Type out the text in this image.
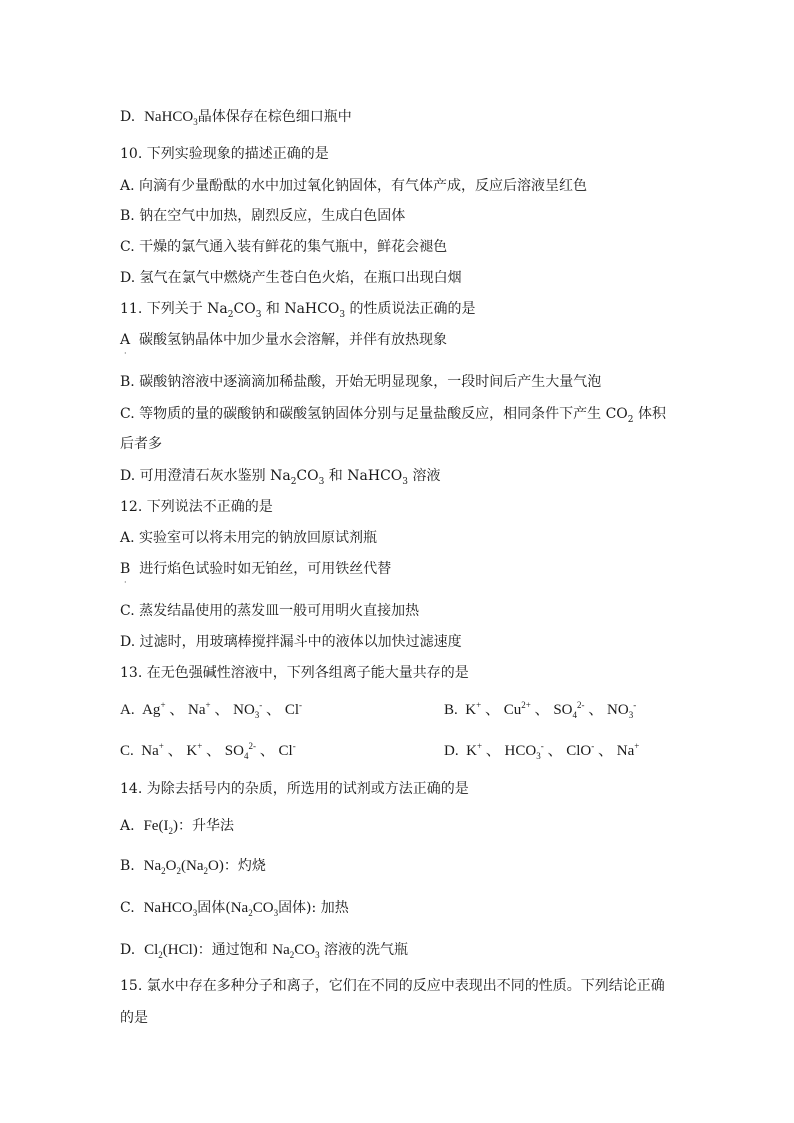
D. NaHCO$_3$晶体保存在棕色细口瓶中
10. 下列实验现象的描述正确的是
A. 向滴有少量酚酞的水中加过氧化钠固体，有气体产成，反应后溶液呈红色
B. 钠在空气中加热，剧烈反应，生成白色固体
C. 干燥的氯气通入装有鲜花的集气瓶中，鲜花会褪色
D. 氢气在氯气中燃烧产生苍白色火焰，在瓶口出现白烟
11. 下列关于 $Na_2CO_3$ 和 NaHCO$_3$ 的性质说法正确的是
A 碳酸氢钠晶体中加少量水会溶解，并伴有放热现象
·
B. 碳酸钠溶液中逐滴滴加稀盐酸，开始无明显现象，一段时间后产生大量气泡
C. 等物质的量的碳酸钠和碳酸氢钠固体分别与足量盐酸反应，相同条件下产生 $CO_2$ 体积
后者多
D. 可用澄清石灰水鉴别 $Na_2CO_3$ 和 NaHCO$_3$ 溶液
12. 下列说法不正确的是
A. 实验室可以将未用完的钠放回原试剂瓶
B 进行焰色试验时如无铂丝，可用铁丝代替
·
C. 蒸发结晶使用的蒸发皿一般可用明火直接加热
D. 过滤时，用玻璃棒搅拌漏斗中的液体以加快过滤速度
13. 在无色强碱性溶液中，下列各组离子能大量共存的是
A.  Ag+ 、 Na+ 、 $NO_3^-$ 、 Cl-	B.  K+ 、 $Cu^{2+}$ 、 $SO_4^{2-}$ 、 $NO_3^-$
C.  Na+ 、 K+ 、 $SO_4^{2-}$ 、 Cl-	D.  K+ 、 $HCO_3^-$ 、 ClO- 、 Na+
14. 为除去括号内的杂质，所选用的试剂或方法正确的是
A. $Fe(I_2)$：升华法
B. $Na_2O_2(Na_2O)$：灼烧
C. NaHCO$_3$固体($Na_2CO_3$固体): 加热
D. $Cl_2(HCl)$：通过饱和 $Na_2CO_3$ 溶液的洗气瓶
15. 氯水中存在多种分子和离子，它们在不同的反应中表现出不同的性质。下列结论正确
的是
